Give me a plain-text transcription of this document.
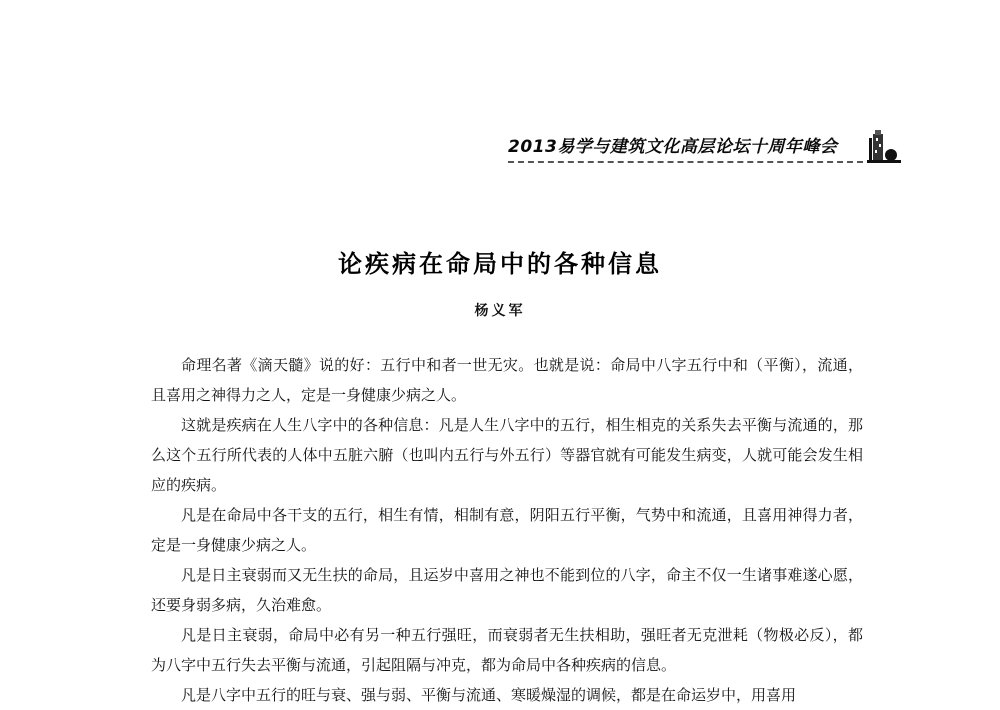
2013易学与建筑文化高层论坛十周年峰会
论疾病在命局中的各种信息
杨义军

命理名著《滴天髓》说的好：五行中和者一世无灾。也就是说：命局中八字五行中和（平衡），流通，且喜用之神得力之人，定是一身健康少病之人。

这就是疾病在人生八字中的各种信息：凡是人生八字中的五行，相生相克的关系失去平衡与流通的，那么这个五行所代表的人体中五脏六腑（也叫内五行与外五行）等器官就有可能发生病变，人就可能会发生相应的疾病。

凡是在命局中各干支的五行，相生有情，相制有意，阴阳五行平衡，气势中和流通，且喜用神得力者，定是一身健康少病之人。

凡是日主衰弱而又无生扶的命局，且运岁中喜用之神也不能到位的八字，命主不仅一生诸事难遂心愿，还要身弱多病，久治难愈。

凡是日主衰弱，命局中必有另一种五行强旺，而衰弱者无生扶相助，强旺者无克泄耗（物极必反），都为八字中五行失去平衡与流通，引起阻隔与冲克，都为命局中各种疾病的信息。

凡是八字中五行的旺与衰、强与弱、平衡与流通、寒暖燥湿的调候，都是在命运岁中，用喜用
